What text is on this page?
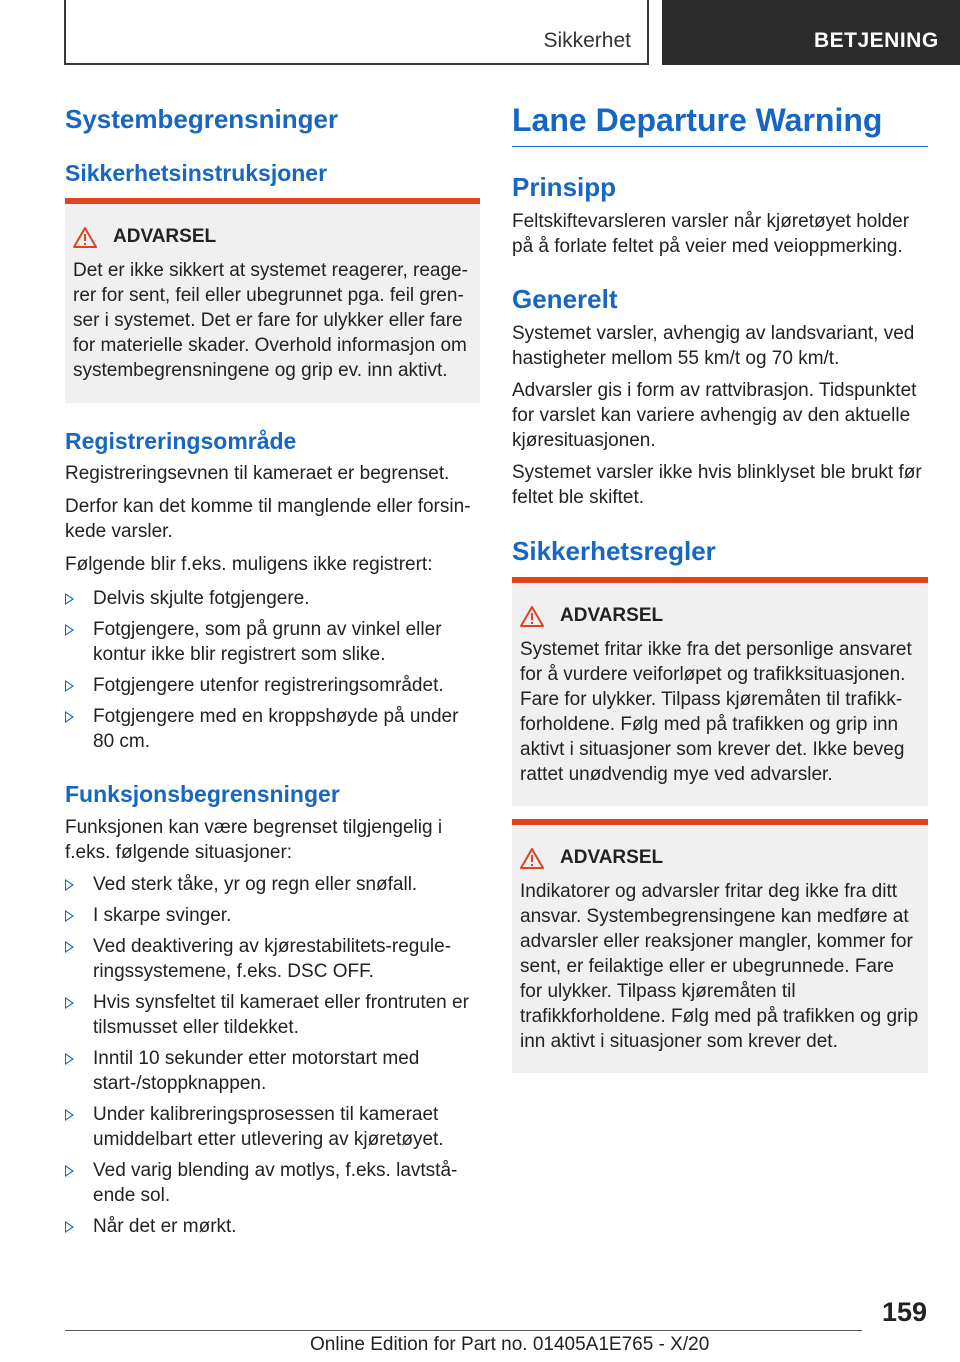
Sikkerhet	BETJENING
Systembegrensninger
Sikkerhetsinstruksjoner
ADVARSEL
Det er ikke sikkert at systemet reagerer, reagerer for sent, feil eller ubegrunnet pga. feil grenser i systemet. Det er fare for ulykker eller fare for materielle skader. Overhold informasjon om systembegrensningene og grip ev. inn aktivt.
Registreringsområde
Registreringsevnen til kameraet er begrenset.
Derfor kan det komme til manglende eller forsinkede varsler.
Følgende blir f.eks. muligens ikke registrert:
Delvis skjulte fotgjengere.
Fotgjengere, som på grunn av vinkel eller kontur ikke blir registrert som slike.
Fotgjengere utenfor registreringsområdet.
Fotgjengere med en kroppshøyde på under 80 cm.
Funksjonsbegrensninger
Funksjonen kan være begrenset tilgjengelig i f.eks. følgende situasjoner:
Ved sterk tåke, yr og regn eller snøfall.
I skarpe svinger.
Ved deaktivering av kjørestabilitets-reguleringssystemene, f.eks. DSC OFF.
Hvis synsfeltet til kameraet eller frontruten er tilsmusset eller tildekket.
Inntil 10 sekunder etter motorstart med start-/stoppknappen.
Under kalibreringsprosessen til kameraet umiddelbart etter utlevering av kjøretøyet.
Ved varig blending av motlys, f.eks. lavtstående sol.
Når det er mørkt.
Lane Departure Warning
Prinsipp
Feltskiftevarsleren varsler når kjøretøyet holder på å forlate feltet på veier med veioppmerking.
Generelt
Systemet varsler, avhengig av landsvariant, ved hastigheter mellom 55 km/t og 70 km/t.
Advarsler gis i form av rattvibrasjon. Tidspunktet for varslet kan variere avhengig av den aktuelle kjøresituasjonen.
Systemet varsler ikke hvis blinklyset ble brukt før feltet ble skiftet.
Sikkerhetsregler
ADVARSEL
Systemet fritar ikke fra det personlige ansvaret for å vurdere veiforløpet og trafikksituasjonen. Fare for ulykker. Tilpass kjøremåten til trafikkforholdene. Følg med på trafikken og grip inn aktivt i situasjoner som krever det. Ikke beveg rattet unødvendig mye ved advarsler.
ADVARSEL
Indikatorer og advarsler fritar deg ikke fra ditt ansvar. Systembegrensingene kan medføre at advarsler eller reaksjoner mangler, kommer for sent, er feilaktige eller er ubegrunnede. Fare for ulykker. Tilpass kjøremåten til trafikkforholdene. Følg med på trafikken og grip inn aktivt i situasjoner som krever det.
159
Online Edition for Part no. 01405A1E765 - X/20
